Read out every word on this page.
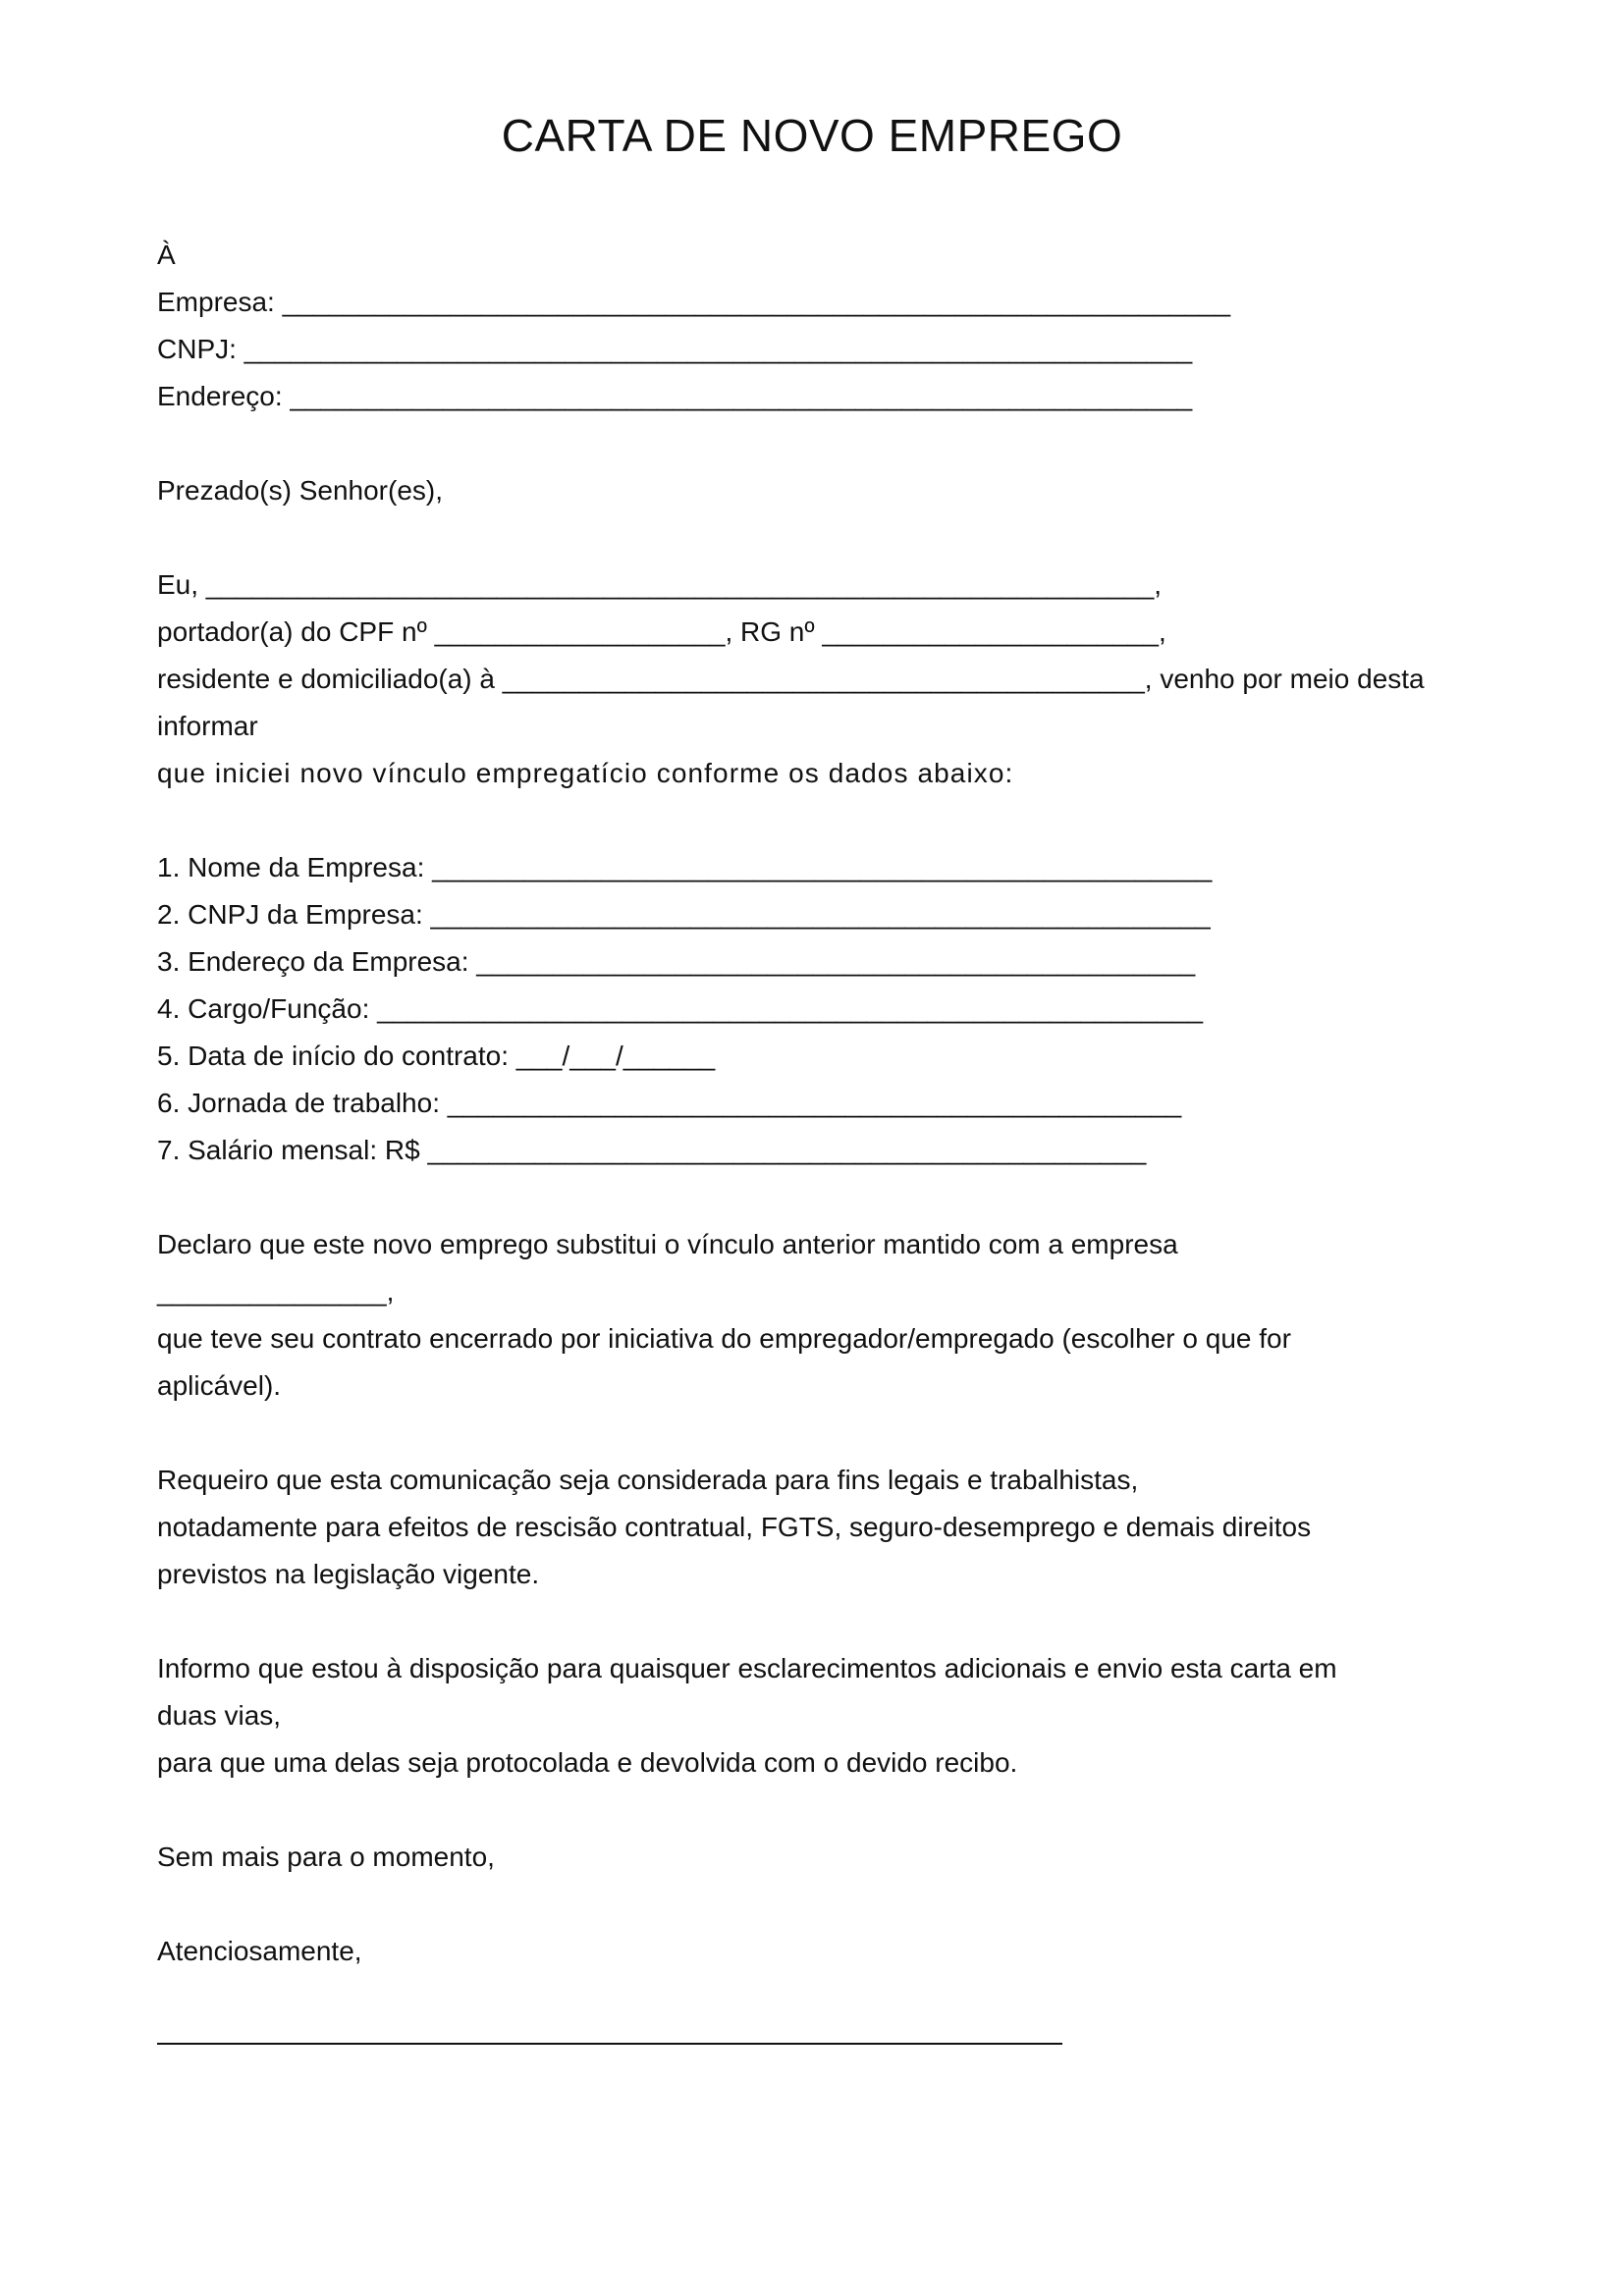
CARTA DE NOVO EMPREGO
À
Empresa: ______________________________________________________________
CNPJ: ______________________________________________________________
Endereço: ___________________________________________________________
Prezado(s) Senhor(es),
Eu, ______________________________________________________________,
portador(a) do CPF nº ___________________, RG nº ______________________,
residente e domiciliado(a) à __________________________________________, venho por meio desta
informar
que iniciei novo vínculo empregatício conforme os dados abaixo:
1. Nome da Empresa: ___________________________________________________
2. CNPJ da Empresa: ___________________________________________________
3. Endereço da Empresa: _______________________________________________
4. Cargo/Função: ______________________________________________________
5. Data de início do contrato: ___/___/______
6. Jornada de trabalho: ________________________________________________
7. Salário mensal: R$ _______________________________________________
Declaro que este novo emprego substitui o vínculo anterior mantido com a empresa
_______________,
que teve seu contrato encerrado por iniciativa do empregador/empregado (escolher o que for
aplicável).
Requeiro que esta comunicação seja considerada para fins legais e trabalhistas,
notadamente para efeitos de rescisão contratual, FGTS, seguro-desemprego e demais direitos
previstos na legislação vigente.
Informo que estou à disposição para quaisquer esclarecimentos adicionais e envio esta carta em
duas vias,
para que uma delas seja protocolada e devolvida com o devido recibo.
Sem mais para o momento,
Atenciosamente,
